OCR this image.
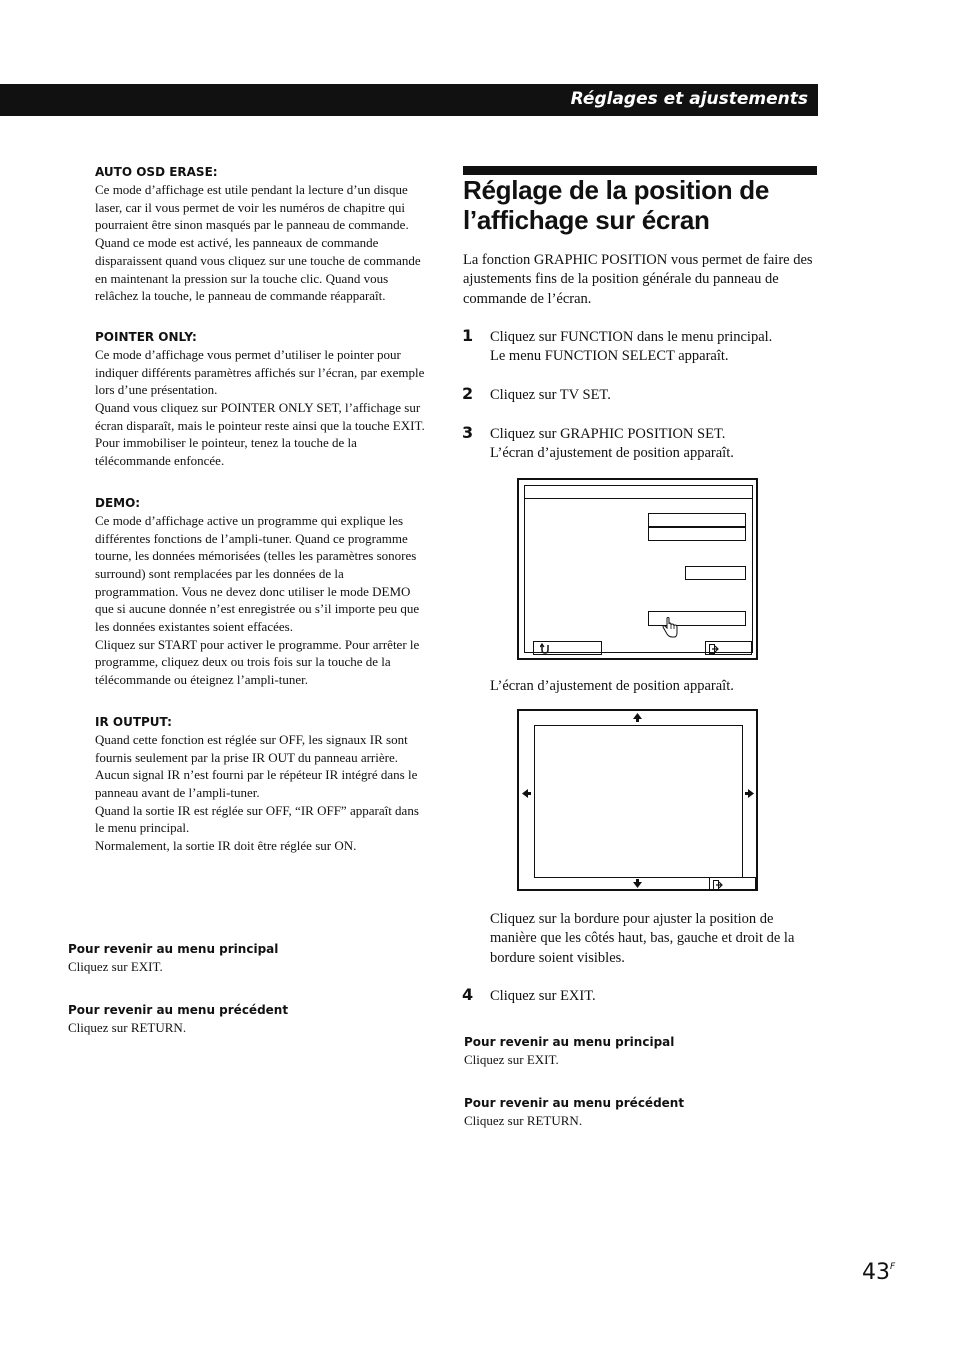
Réglages et ajustements

AUTO OSD ERASE:

Ce mode d’affichage est utile pendant la lecture d’un disque laser, car il vous permet de voir les numéros de chapitre qui pourraient être sinon masqués par le panneau de commande.

Quand ce mode est activé, les panneaux de commande disparaissent quand vous cliquez sur une touche de commande en maintenant la pression sur la touche clic. Quand vous relâchez la touche, le panneau de commande réapparaît.

POINTER ONLY:

Ce mode d’affichage vous permet d’utiliser le pointer pour indiquer différents paramètres affichés sur l’écran, par exemple lors d’une présentation.

Quand vous cliquez sur POINTER ONLY SET, l’affichage sur écran disparaît, mais le pointeur reste ainsi que la touche EXIT. Pour immobiliser le pointeur, tenez la touche de la télécommande enfoncée.

DEMO:

Ce mode d’affichage active un programme qui explique les différentes fonctions de l’ampli-tuner. Quand ce programme tourne, les données mémorisées (telles les paramètres sonores surround) sont remplacées par les données de la programmation. Vous ne devez donc utiliser le mode DEMO que si aucune donnée n’est enregistrée ou s’il importe peu que les données existantes soient effacées.

Cliquez sur START pour activer le programme. Pour arrêter le programme, cliquez deux ou trois fois sur la touche de la télécommande ou éteignez l’ampli-tuner.

IR OUTPUT:

Quand cette fonction est réglée sur OFF, les signaux IR sont fournis seulement par la prise IR OUT du panneau arrière. Aucun signal IR n’est fourni par le répéteur IR intégré dans le panneau avant de l’ampli-tuner.

Quand la sortie IR est réglée sur OFF, “IR OFF” apparaît dans le menu principal.

Normalement, la sortie IR doit être réglée sur ON.

Pour revenir au menu principal

Cliquez sur EXIT.

Pour revenir au menu précédent

Cliquez sur RETURN.

Réglage de la position de l’affichage sur écran

La fonction GRAPHIC POSITION vous permet de faire des ajustements fins de la position générale du panneau de commande de l’écran.

1 Cliquez sur FUNCTION dans le menu principal.

Le menu FUNCTION SELECT apparaît.

2 Cliquez sur TV SET.

3 Cliquez sur GRAPHIC POSITION SET.

L’écran d’ajustement de position apparaît.

L’écran d’ajustement de position apparaît.

Cliquez sur la bordure pour ajuster la position de manière que les côtés haut, bas, gauche et droit de la bordure soient visibles.

4 Cliquez sur EXIT.

Pour revenir au menu principal

Cliquez sur EXIT.

Pour revenir au menu précédent

Cliquez sur RETURN.

$43^F$
